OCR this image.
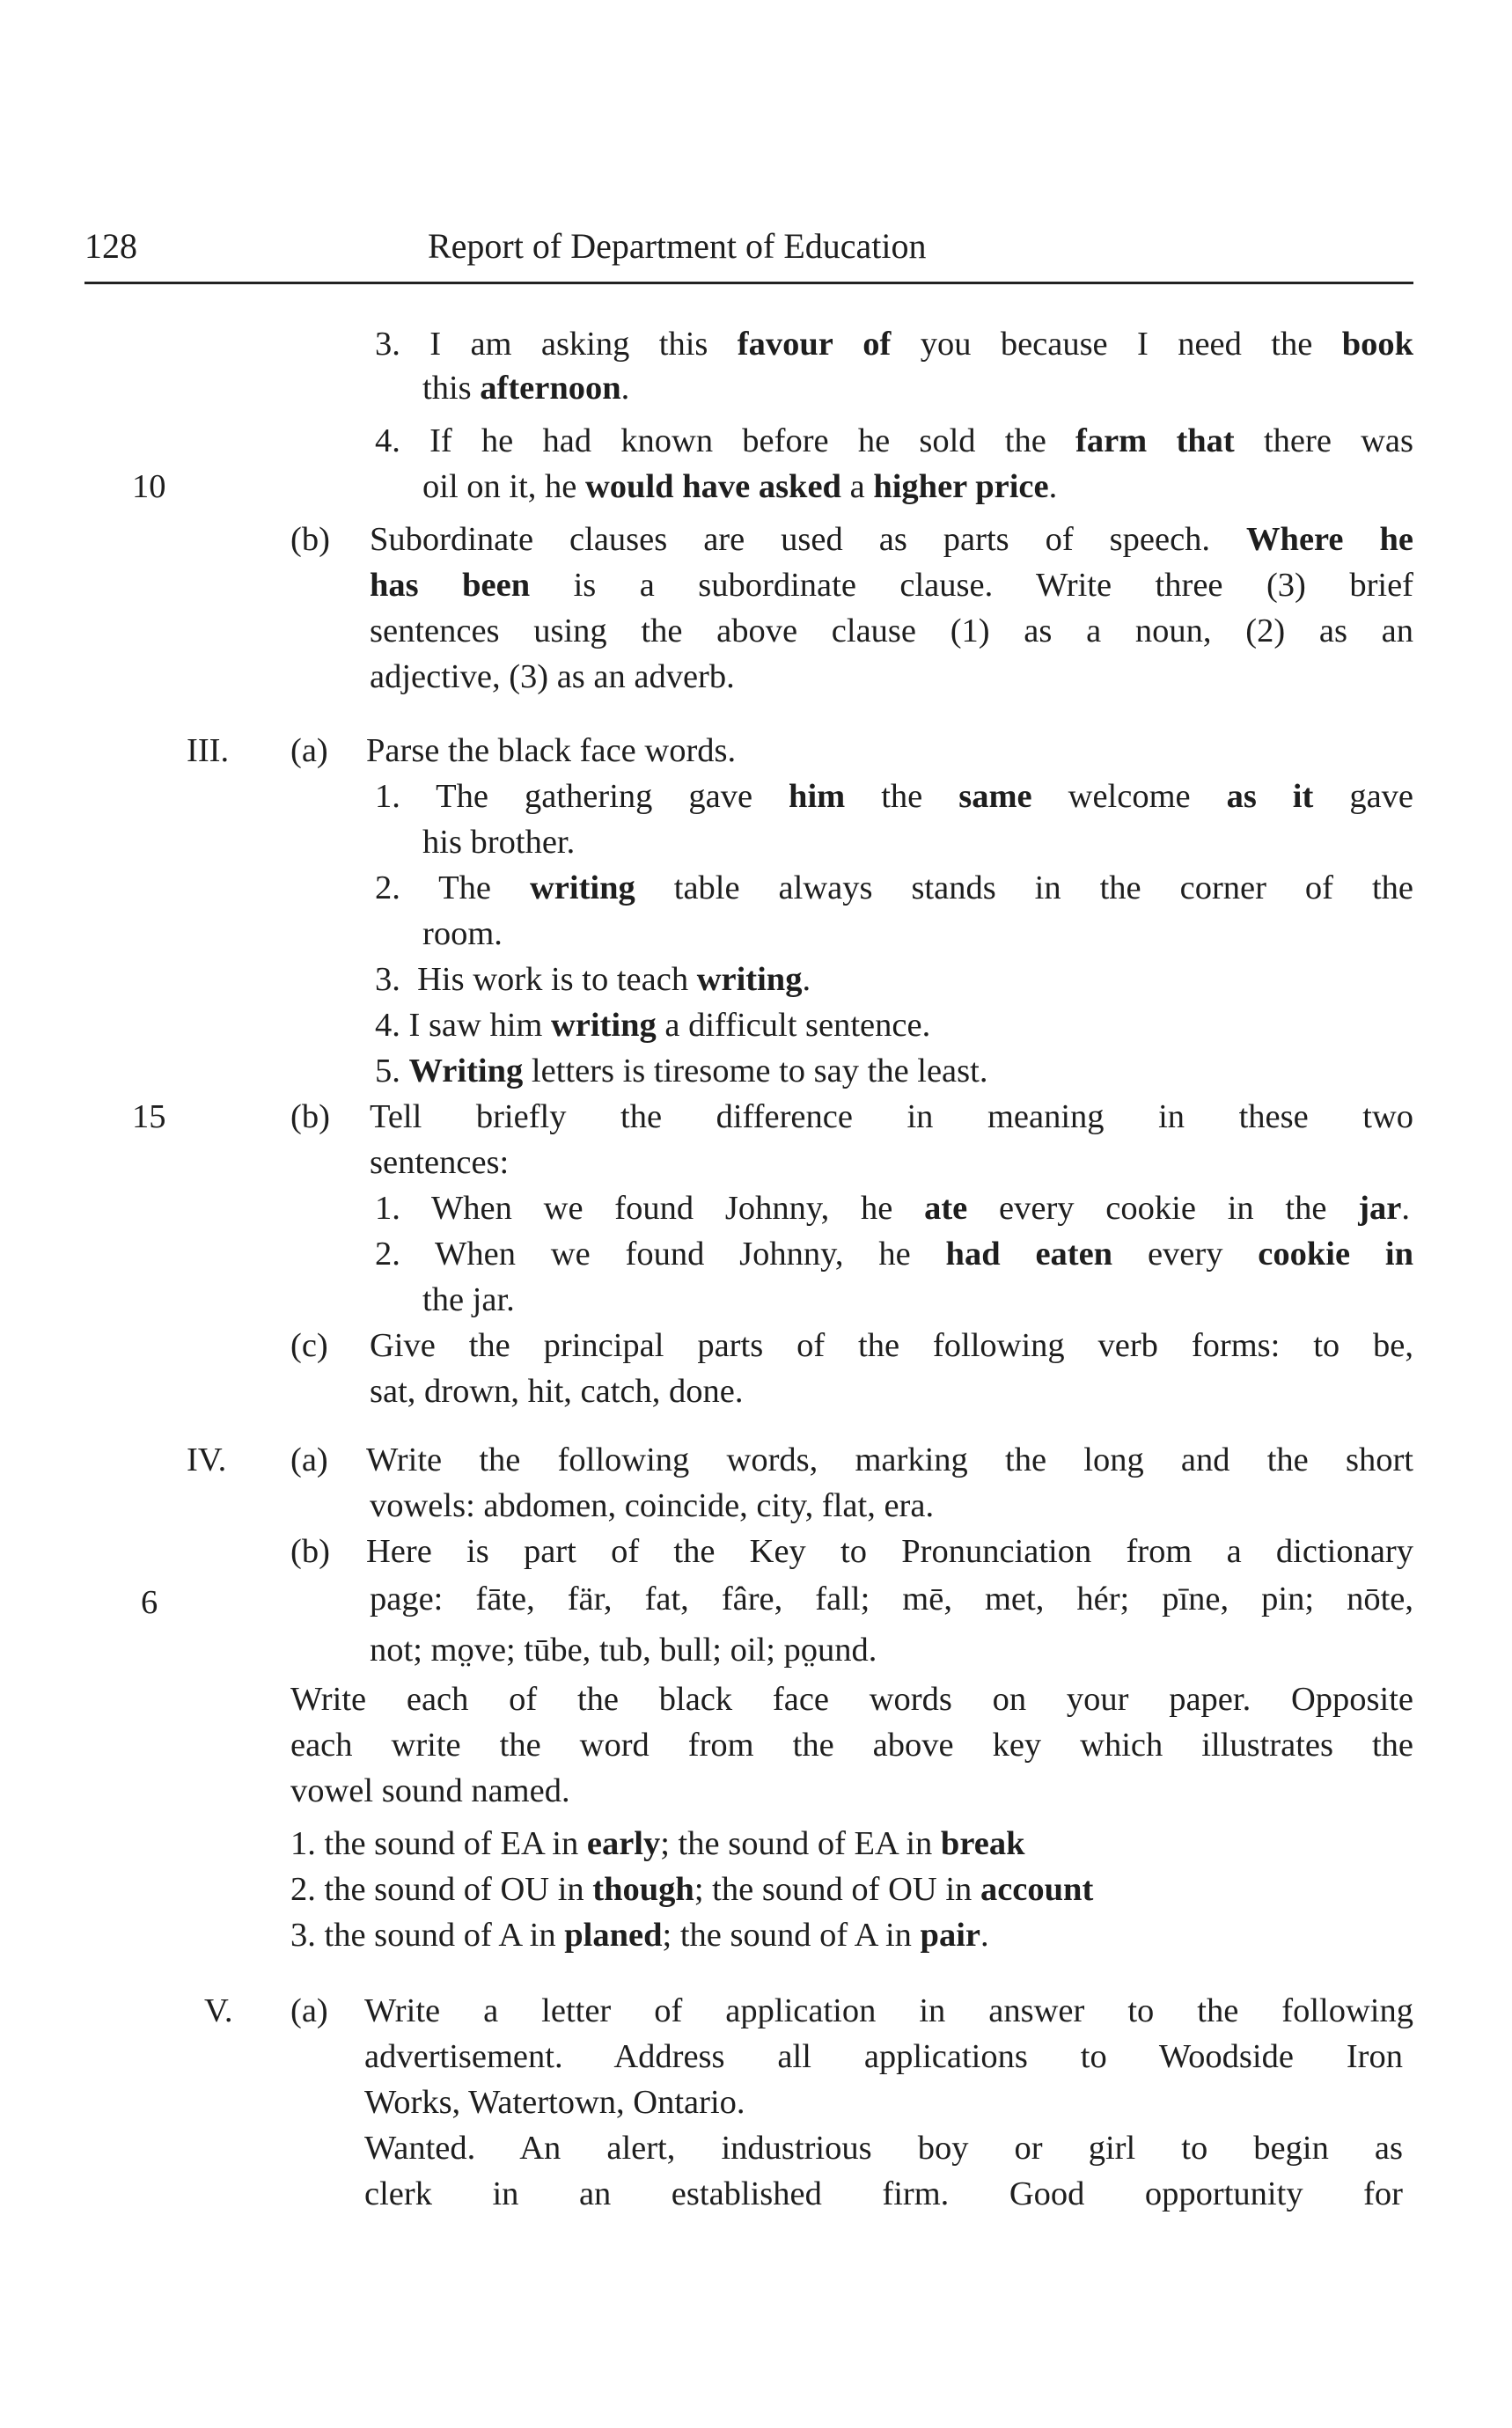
128	Report of Department of Education
10
15
6
3. I am asking this favour of you because I need the book
this afternoon.
4. If he had known before he sold the farm that there was
oil on it, he would have asked a higher price.
(b) Subordinate clauses are used as parts of speech. Where he
has been is a subordinate clause. Write three (3) brief
sentences using the above clause (1) as a noun, (2) as an
adjective, (3) as an adverb.
III. (a) Parse the black face words.
1. The gathering gave him the same welcome as it gave
his brother.
2. The writing table always stands in the corner of the
room.
3.  His work is to teach writing.
4. I saw him writing a difficult sentence.
5. Writing letters is tiresome to say the least.
(b) Tell briefly the difference in meaning in these two
sentences:
1. When we found Johnny, he ate every cookie in the jar.
2. When we found Johnny, he had eaten every cookie in
the jar.
(c) Give the principal parts of the following verb forms: to be,
sat, drown, hit, catch, done.
IV. (a) Write the following words, marking the long and the short
vowels: abdomen, coincide, city, flat, era.
(b) Here is part of the Key to Pronunciation from a dictionary
page: fāte, fär, fat, fâre, fall; mē, met, hér; pīne, pin; nōte,
not; mo̤ve; tūbe, tub, bull; oil; po̤und.
Write each of the black face words on your paper. Opposite
each write the word from the above key which illustrates the
vowel sound named.
1. the sound of EA in early; the sound of EA in break
2. the sound of OU in though; the sound of OU in account
3. the sound of A in planed; the sound of A in pair.
V. (a) Write a letter of application in answer to the following
advertisement. Address all applications to Woodside Iron
Works, Watertown, Ontario.
Wanted. An alert, industrious boy or girl to begin as
clerk in an established firm. Good opportunity for
